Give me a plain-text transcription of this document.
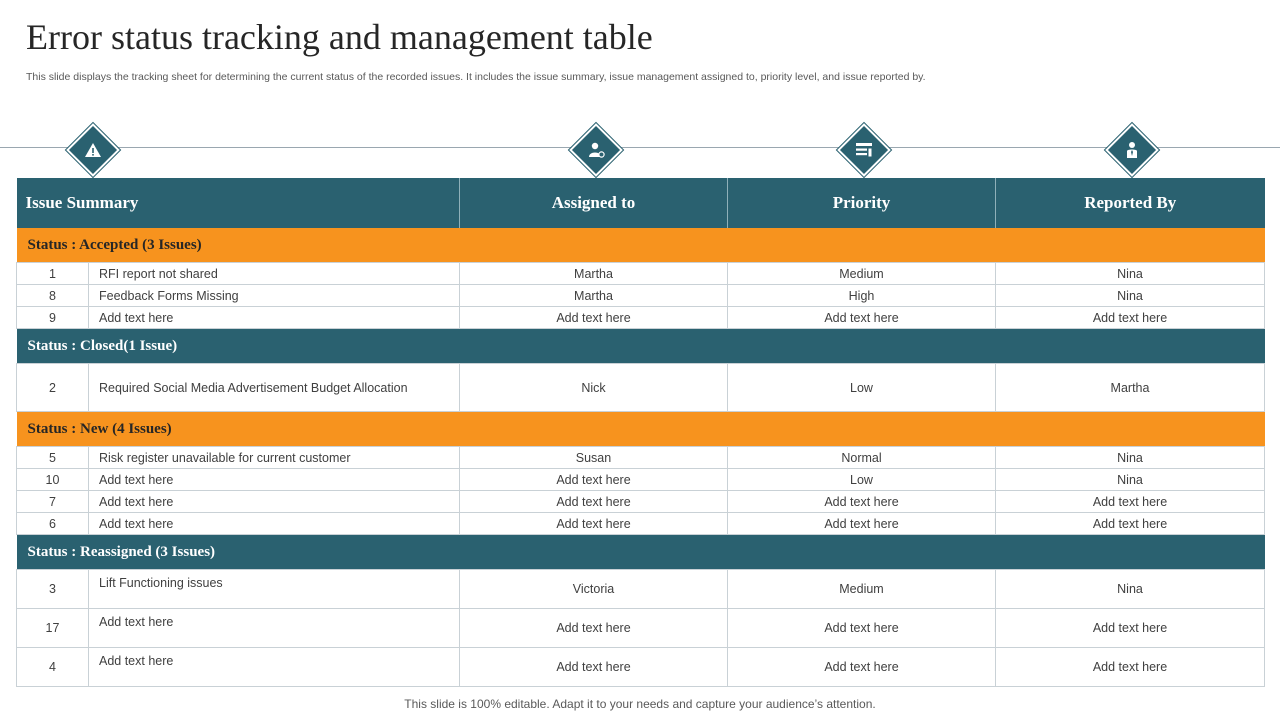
Error status tracking and management table
This slide displays the tracking sheet for determining the current status of the recorded issues. It includes the issue summary, issue management assigned to, priority level, and issue reported by.
Issue Summary		Assigned to	Priority	Reported By
Status : Accepted (3 Issues)				
1	RFI report not shared	Martha	Medium	Nina
8	Feedback Forms Missing	Martha	High	Nina
9	Add text here	Add text here	Add text here	Add text here
Status : Closed(1 Issue)				
2	Required Social Media Advertisement Budget Allocation	Nick	Low	Martha
Status : New (4 Issues)				
5	Risk register unavailable for current customer	Susan	Normal	Nina
10	Add text here	Add text here	Low	Nina
7	Add text here	Add text here	Add text here	Add text here
6	Add text here	Add text here	Add text here	Add text here
Status : Reassigned (3 Issues)				
3	Lift Functioning issues	Victoria	Medium	Nina
17	Add text here	Add text here	Add text here	Add text here
4	Add text here	Add text here	Add text here	Add text here
This slide is 100% editable. Adapt it to your needs and capture your audience’s attention.
